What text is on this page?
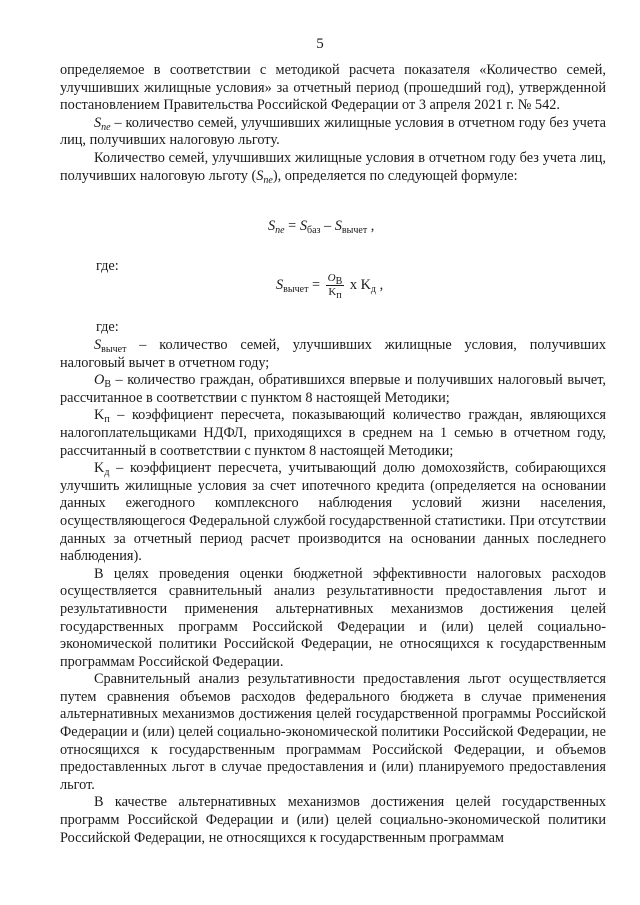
5

определяемое в соответствии с методикой расчета показателя «Количество семей, улучшивших жилищные условия» за отчетный период (прошедший год), утвержденной постановлением Правительства Российской Федерации от 3 апреля 2021 г. № 542.

$S_{ne}$ – количество семей, улучшивших жилищные условия в отчетном году без учета лиц, получивших налоговую льготу.

Количество семей, улучшивших жилищные условия в отчетном году без учета лиц, получивших налоговую льготу $(S_{ne})$, определяется по следующей формуле:

$S_{ne} = S_{баз} - S_{вычет}$ ,
где:
$S_{вычет} = \frac{O_B}{K_п}$ x $K_д$ ,
где:

$S_{вычет}$ – количество семей, улучшивших жилищные условия, получивших налоговый вычет в отчетном году;

$O_B$ – количество граждан, обратившихся впервые и получивших налоговый вычет, рассчитанное в соответствии с пунктом 8 настоящей Методики;

$K_п$ – коэффициент пересчета, показывающий количество граждан, являющихся налогоплательщиками НДФЛ, приходящихся в среднем на 1 семью в отчетном году, рассчитанный в соответствии с пунктом 8 настоящей Методики;

$K_д$ – коэффициент пересчета, учитывающий долю домохозяйств, собирающихся улучшить жилищные условия за счет ипотечного кредита (определяется на основании данных ежегодного комплексного наблюдения условий жизни населения, осуществляющегося Федеральной службой государственной статистики. При отсутствии данных за отчетный период расчет производится на основании данных последнего наблюдения).

В целях проведения оценки бюджетной эффективности налоговых расходов осуществляется сравнительный анализ результативности предоставления льгот и результативности применения альтернативных механизмов достижения целей государственных программ Российской Федерации и (или) целей социально-экономической политики Российской Федерации, не относящихся к государственным программам Российской Федерации.

Сравнительный анализ результативности предоставления льгот осуществляется путем сравнения объемов расходов федерального бюджета в случае применения альтернативных механизмов достижения целей государственной программы Российской Федерации и (или) целей социально-экономической политики Российской Федерации, не относящихся к государственным программам Российской Федерации, и объемов предоставленных льгот в случае предоставления и (или) планируемого предоставления льгот.

В качестве альтернативных механизмов достижения целей государственных программ Российской Федерации и (или) целей социально-экономической политики Российской Федерации, не относящихся к государственным программам
